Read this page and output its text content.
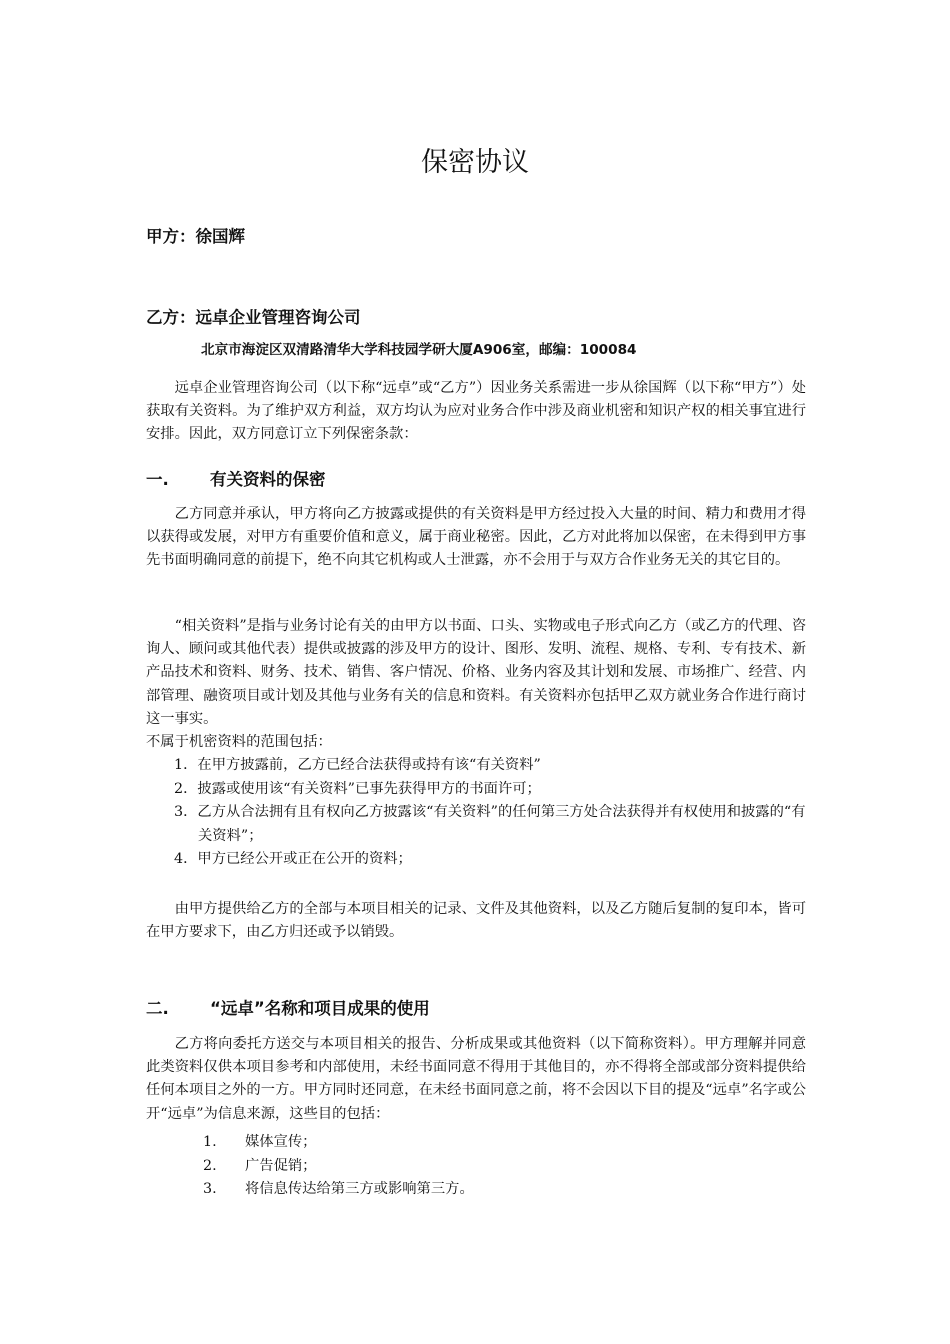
保密协议

甲方：徐国辉

乙方：远卓企业管理咨询公司

北京市海淀区双清路清华大学科技园学研大厦A906室，邮编：100084

远卓企业管理咨询公司（以下称“远卓”或“乙方”）因业务关系需进一步从徐国辉（以下称“甲方”）处获取有关资料。为了维护双方利益，双方均认为应对业务合作中涉及商业机密和知识产权的相关事宜进行安排。因此，双方同意订立下列保密条款：

一. 有关资料的保密

乙方同意并承认，甲方将向乙方披露或提供的有关资料是甲方经过投入大量的时间、精力和费用才得以获得或发展，对甲方有重要价值和意义，属于商业秘密。因此，乙方对此将加以保密，在未得到甲方事先书面明确同意的前提下，绝不向其它机构或人士泄露，亦不会用于与双方合作业务无关的其它目的。

“相关资料”是指与业务讨论有关的由甲方以书面、口头、实物或电子形式向乙方（或乙方的代理、咨询人、顾问或其他代表）提供或披露的涉及甲方的设计、图形、发明、流程、规格、专利、专有技术、新产品技术和资料、财务、技术、销售、客户情况、价格、业务内容及其计划和发展、市场推广、经营、内部管理、融资项目或计划及其他与业务有关的信息和资料。有关资料亦包括甲乙双方就业务合作进行商讨这一事实。

不属于机密资料的范围包括：

1．在甲方披露前，乙方已经合法获得或持有该“有关资料”
2．披露或使用该“有关资料”已事先获得甲方的书面许可；
3．乙方从合法拥有且有权向乙方披露该“有关资料”的任何第三方处合法获得并有权使用和披露的“有关资料”；
4．甲方已经公开或正在公开的资料；

由甲方提供给乙方的全部与本项目相关的记录、文件及其他资料，以及乙方随后复制的复印本，皆可在甲方要求下，由乙方归还或予以销毁。

二. “远卓”名称和项目成果的使用

乙方将向委托方送交与本项目相关的报告、分析成果或其他资料（以下简称资料）。甲方理解并同意此类资料仅供本项目参考和内部使用，未经书面同意不得用于其他目的，亦不得将全部或部分资料提供给任何本项目之外的一方。甲方同时还同意，在未经书面同意之前，将不会因以下目的提及“远卓”名字或公开“远卓”为信息来源，这些目的包括：

1.	媒体宣传；
2.	广告促销；
3.	将信息传达给第三方或影响第三方。
